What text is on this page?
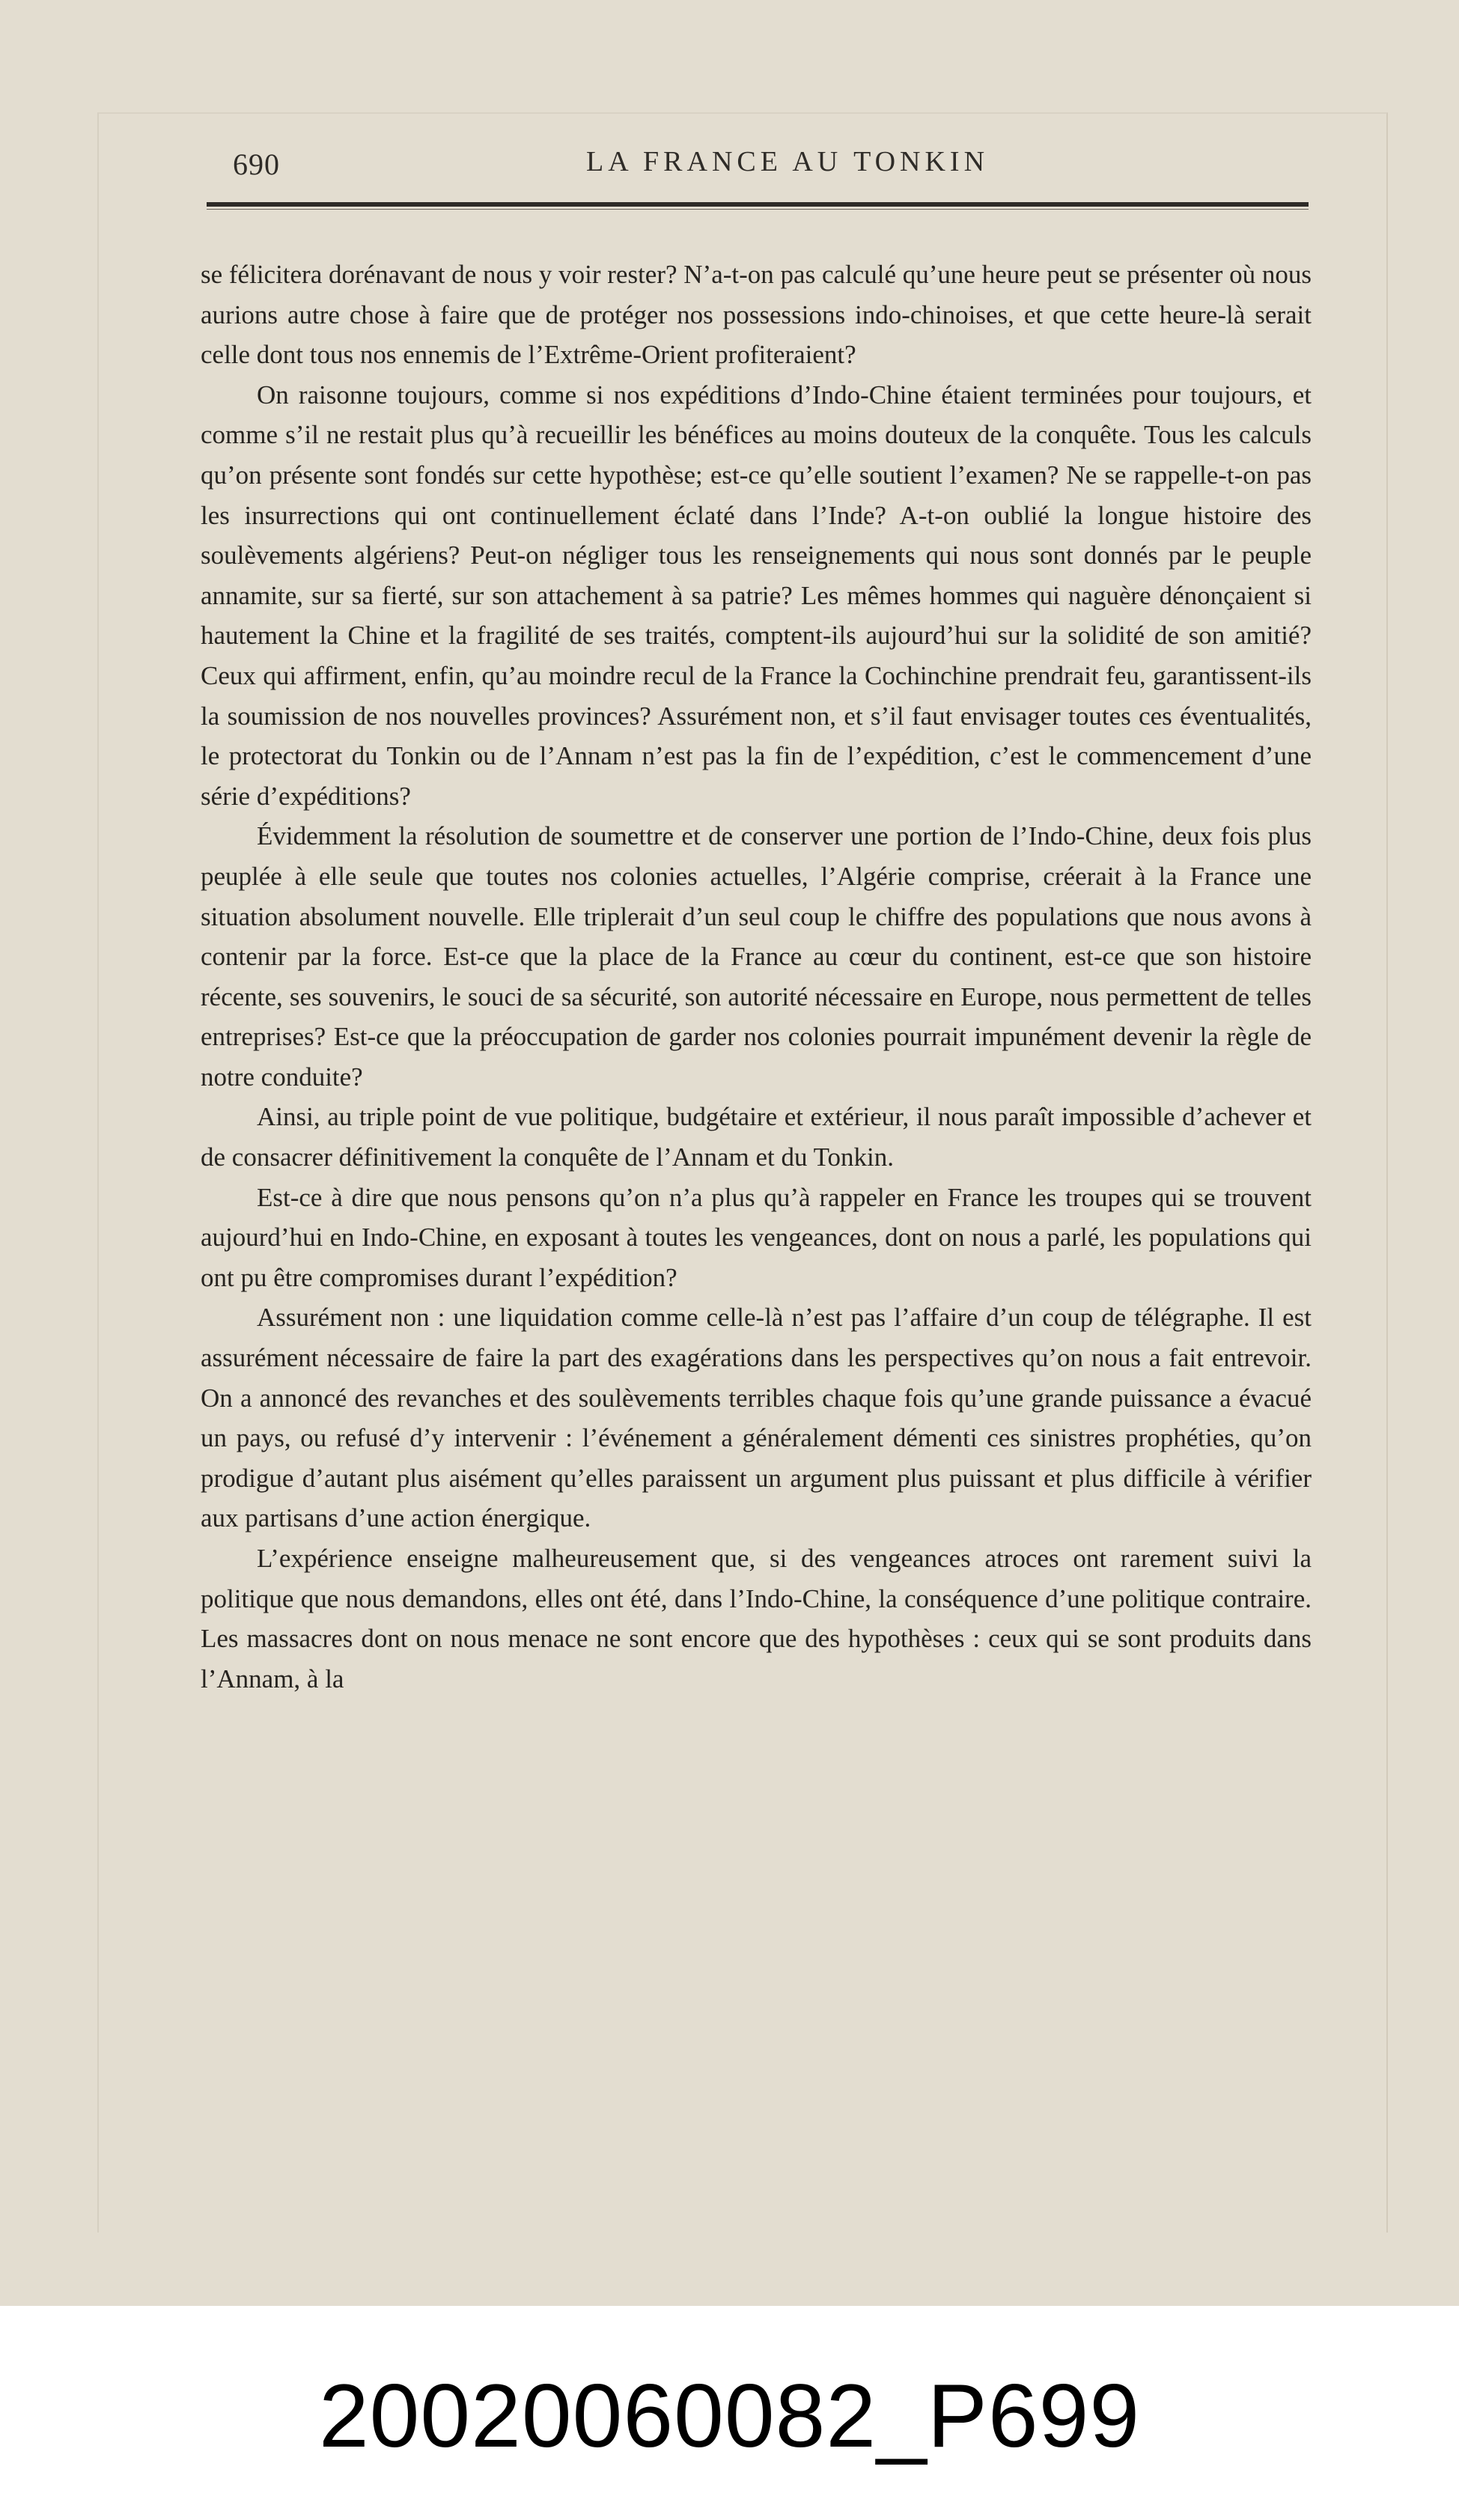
690	LA FRANCE AU TONKIN

se félicitera dorénavant de nous y voir rester? N’a-t-on pas calculé qu’une heure peut se présenter où nous aurions autre chose à faire que de protéger nos possessions indo-chinoises, et que cette heure-là serait celle dont tous nos ennemis de l’Extrême-Orient profiteraient?

On raisonne toujours, comme si nos expéditions d’Indo-Chine étaient terminées pour toujours, et comme s’il ne restait plus qu’à recueillir les bénéfices au moins douteux de la conquête. Tous les calculs qu’on présente sont fondés sur cette hypothèse; est-ce qu’elle soutient l’examen? Ne se rappelle-t-on pas les insurrections qui ont continuellement éclaté dans l’Inde? A-t-on oublié la longue histoire des soulèvements algériens? Peut-on négliger tous les renseignements qui nous sont donnés par le peuple annamite, sur sa fierté, sur son attachement à sa patrie? Les mêmes hommes qui naguère dénonçaient si hautement la Chine et la fragilité de ses traités, comptent-ils aujourd’hui sur la solidité de son amitié? Ceux qui affirment, enfin, qu’au moindre recul de la France la Cochinchine prendrait feu, garantissent-ils la soumission de nos nouvelles provinces? Assurément non, et s’il faut envisager toutes ces éventualités, le protectorat du Tonkin ou de l’Annam n’est pas la fin de l’expédition, c’est le commencement d’une série d’expéditions?

Évidemment la résolution de soumettre et de conserver une portion de l’Indo-Chine, deux fois plus peuplée à elle seule que toutes nos colonies actuelles, l’Algérie comprise, créerait à la France une situation absolument nouvelle. Elle triplerait d’un seul coup le chiffre des populations que nous avons à contenir par la force. Est-ce que la place de la France au cœur du continent, est-ce que son histoire récente, ses souvenirs, le souci de sa sécurité, son autorité nécessaire en Europe, nous permettent de telles entreprises? Est-ce que la préoccupation de garder nos colonies pourrait impunément devenir la règle de notre conduite?

Ainsi, au triple point de vue politique, budgétaire et extérieur, il nous paraît impossible d’achever et de consacrer définitivement la conquête de l’Annam et du Tonkin.

Est-ce à dire que nous pensons qu’on n’a plus qu’à rappeler en France les troupes qui se trouvent aujourd’hui en Indo-Chine, en exposant à toutes les vengeances, dont on nous a parlé, les populations qui ont pu être compromises durant l’expédition?

Assurément non : une liquidation comme celle-là n’est pas l’affaire d’un coup de télégraphe. Il est assurément nécessaire de faire la part des exagérations dans les perspectives qu’on nous a fait entrevoir. On a annoncé des revanches et des soulèvements terribles chaque fois qu’une grande puissance a évacué un pays, ou refusé d’y intervenir : l’événement a généralement démenti ces sinistres prophéties, qu’on prodigue d’autant plus aisément qu’elles paraissent un argument plus puissant et plus difficile à vérifier aux partisans d’une action énergique.

L’expérience enseigne malheureusement que, si des vengeances atroces ont rarement suivi la politique que nous demandons, elles ont été, dans l’Indo-Chine, la conséquence d’une politique contraire. Les massacres dont on nous menace ne sont encore que des hypothèses : ceux qui se sont produits dans l’Annam, à la

20020060082_P699
